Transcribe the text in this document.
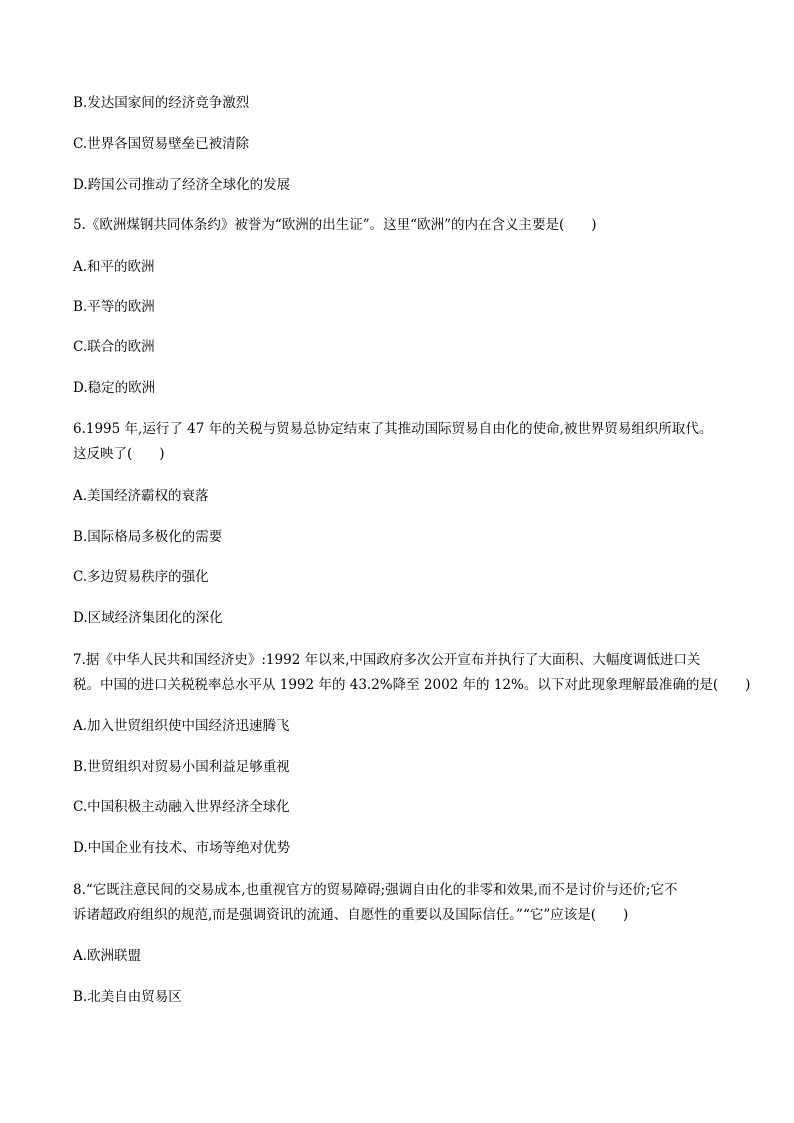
B.发达国家间的经济竞争激烈
C.世界各国贸易壁垒已被清除
D.跨国公司推动了经济全球化的发展
5.《欧洲煤钢共同体条约》被誉为“欧洲的出生证”。这里“欧洲”的内在含义主要是(　　)
A.和平的欧洲
B.平等的欧洲
C.联合的欧洲
D.稳定的欧洲
6.1995 年,运行了 47 年的关税与贸易总协定结束了其推动国际贸易自由化的使命,被世界贸易组织所取代。
这反映了(　　)
A.美国经济霸权的衰落
B.国际格局多极化的需要
C.多边贸易秩序的强化
D.区域经济集团化的深化
7.据《中华人民共和国经济史》:1992 年以来,中国政府多次公开宣布并执行了大面积、大幅度调低进口关
税。中国的进口关税税率总水平从 1992 年的 43.2%降至 2002 年的 12%。以下对此现象理解最准确的是(　　)
A.加入世贸组织使中国经济迅速腾飞
B.世贸组织对贸易小国利益足够重视
C.中国积极主动融入世界经济全球化
D.中国企业有技术、市场等绝对优势
8.“它既注意民间的交易成本,也重视官方的贸易障碍;强调自由化的非零和效果,而不是讨价与还价;它不
诉诸超政府组织的规范,而是强调资讯的流通、自愿性的重要以及国际信任。”“它”应该是(　　)
A.欧洲联盟
B.北美自由贸易区
